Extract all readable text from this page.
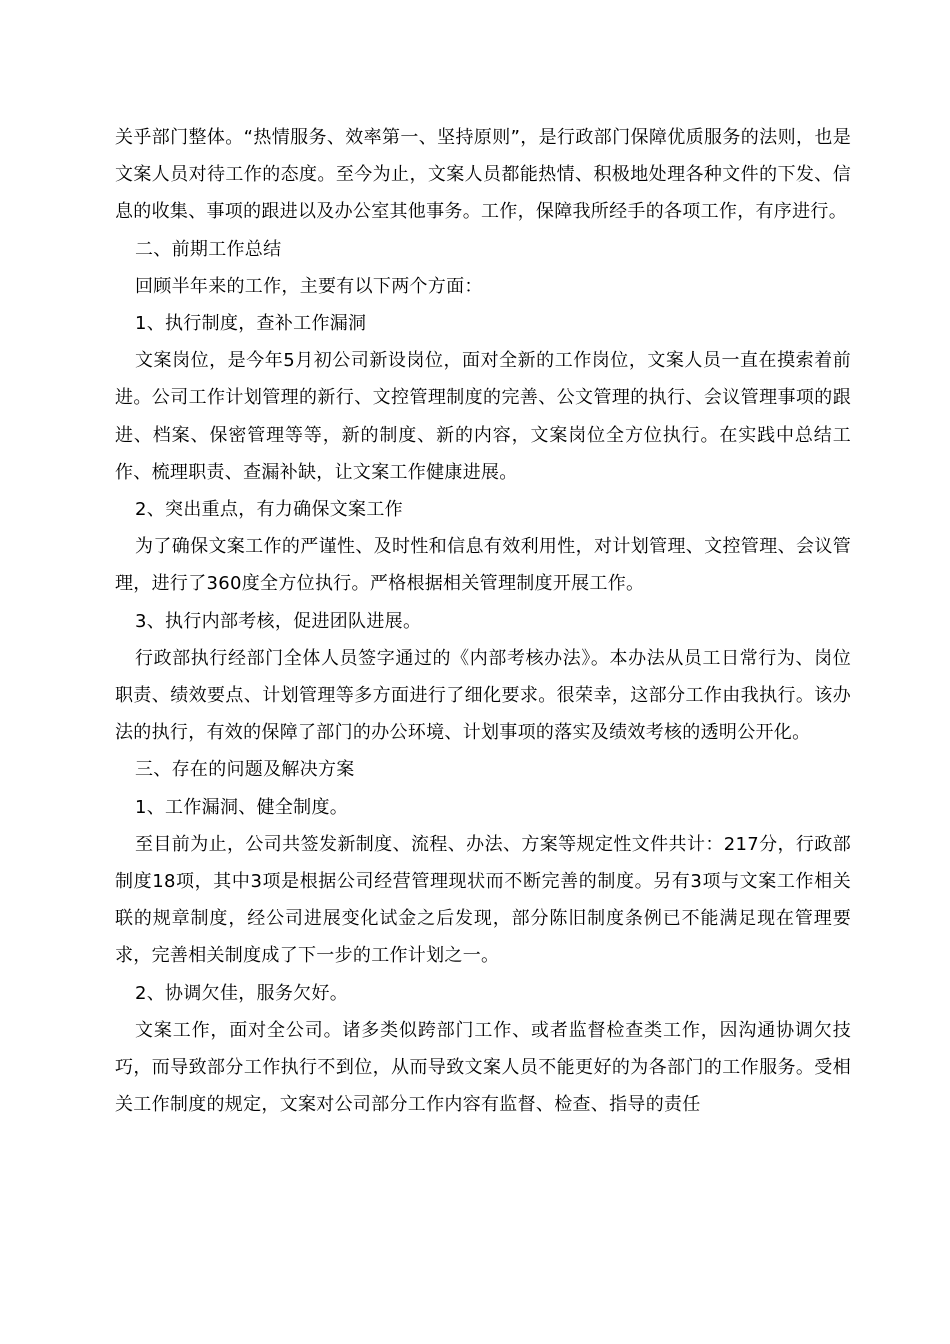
关乎部门整体。“热情服务、效率第一、坚持原则”，是行政部门保障优质服务的法则，也是文案人员对待工作的态度。至今为止，文案人员都能热情、积极地处理各种文件的下发、信息的收集、事项的跟进以及办公室其他事务。工作，保障我所经手的各项工作，有序进行。

二、前期工作总结

回顾半年来的工作，主要有以下两个方面：

1、执行制度，查补工作漏洞

文案岗位，是今年5月初公司新设岗位，面对全新的工作岗位，文案人员一直在摸索着前进。公司工作计划管理的新行、文控管理制度的完善、公文管理的执行、会议管理事项的跟进、档案、保密管理等等，新的制度、新的内容，文案岗位全方位执行。在实践中总结工作、梳理职责、查漏补缺，让文案工作健康进展。

2、突出重点，有力确保文案工作

为了确保文案工作的严谨性、及时性和信息有效利用性，对计划管理、文控管理、会议管理，进行了360度全方位执行。严格根据相关管理制度开展工作。

3、执行内部考核，促进团队进展。

行政部执行经部门全体人员签字通过的《内部考核办法》。本办法从员工日常行为、岗位职责、绩效要点、计划管理等多方面进行了细化要求。很荣幸，这部分工作由我执行。该办法的执行，有效的保障了部门的办公环境、计划事项的落实及绩效考核的透明公开化。

三、存在的问题及解决方案

1、工作漏洞、健全制度。

至目前为止，公司共签发新制度、流程、办法、方案等规定性文件共计：217分，行政部制度18项，其中3项是根据公司经营管理现状而不断完善的制度。另有3项与文案工作相关联的规章制度，经公司进展变化试金之后发现，部分陈旧制度条例已不能满足现在管理要求，完善相关制度成了下一步的工作计划之一。

2、协调欠佳，服务欠好。

文案工作，面对全公司。诸多类似跨部门工作、或者监督检查类工作，因沟通协调欠技巧，而导致部分工作执行不到位，从而导致文案人员不能更好的为各部门的工作服务。受相关工作制度的规定，文案对公司部分工作内容有监督、检查、指导的责任
